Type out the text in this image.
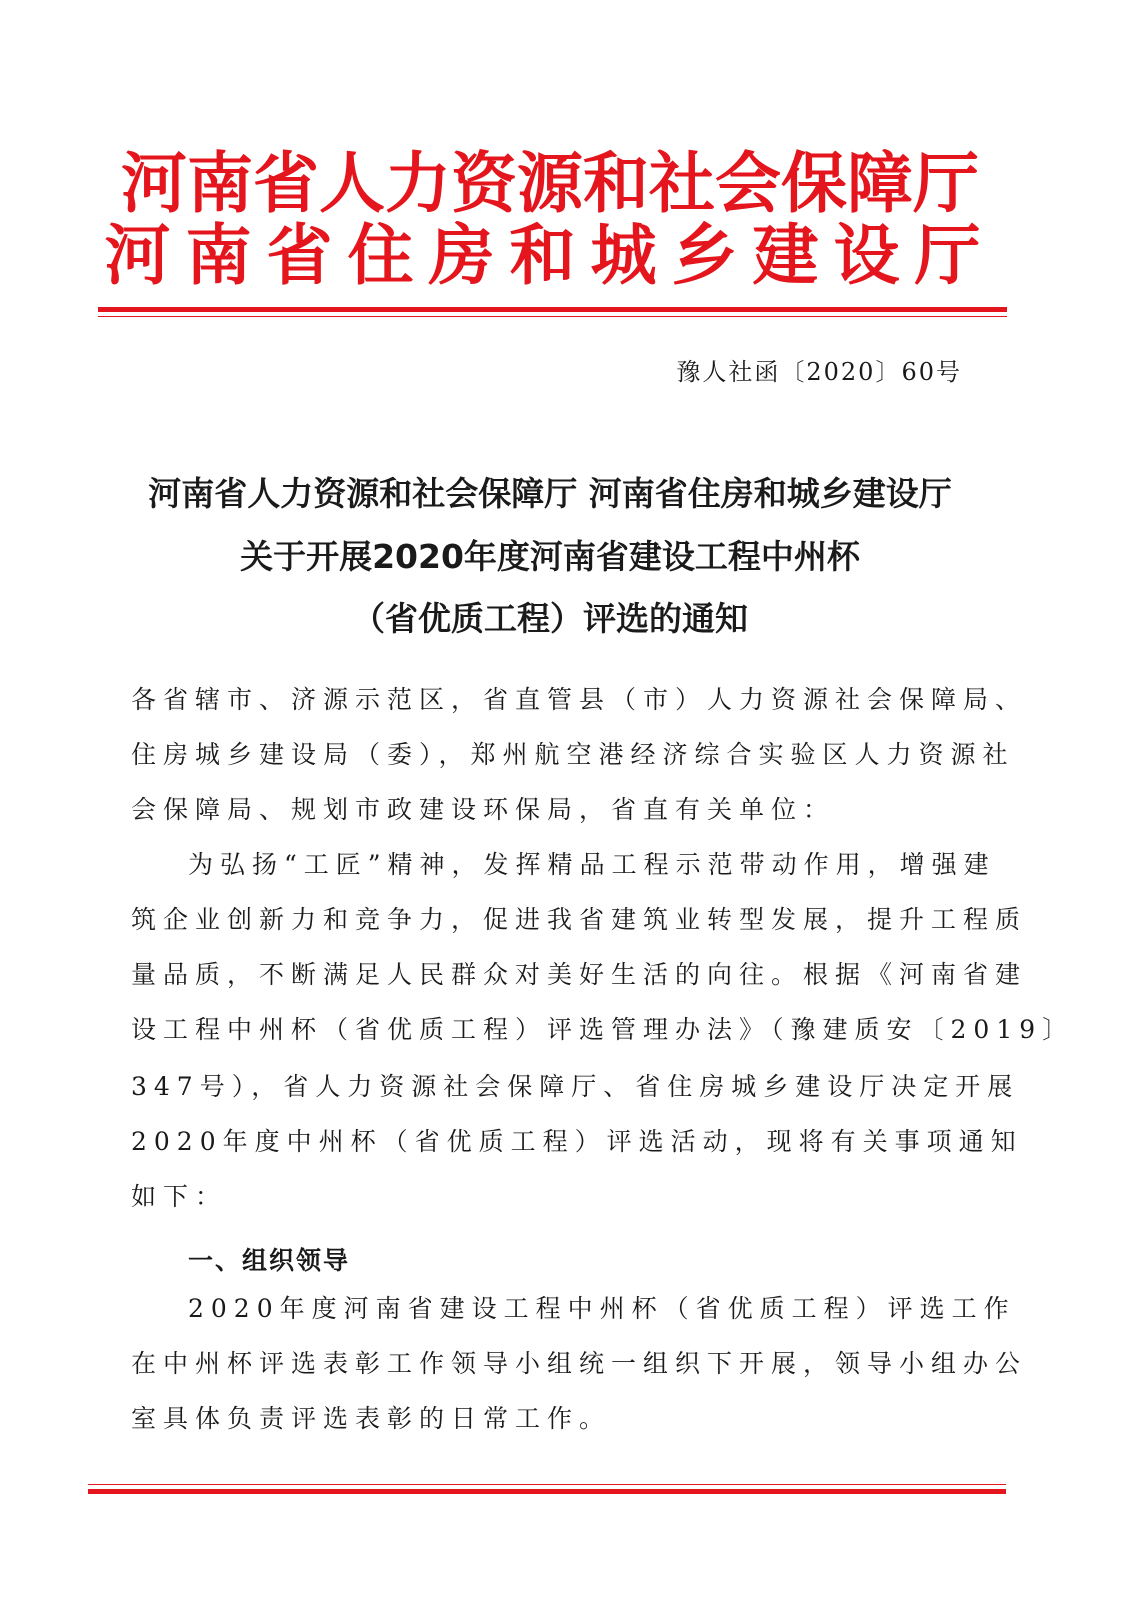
河南省人力资源和社会保障厅
河南省住房和城乡建设厅
豫人社函〔2020〕60号
河南省人力资源和社会保障厅 河南省住房和城乡建设厅
关于开展2020年度河南省建设工程中州杯
（省优质工程）评选的通知
各省辖市、济源示范区，省直管县（市）人力资源社会保障局、
住房城乡建设局（委），郑州航空港经济综合实验区人力资源社
会保障局、规划市政建设环保局，省直有关单位：
为弘扬“工匠”精神，发挥精品工程示范带动作用，增强建
筑企业创新力和竞争力，促进我省建筑业转型发展，提升工程质
量品质，不断满足人民群众对美好生活的向往。根据《河南省建
设工程中州杯（省优质工程）评选管理办法》（豫建质安〔2019〕
347号），省人力资源社会保障厅、省住房城乡建设厅决定开展
2020年度中州杯（省优质工程）评选活动，现将有关事项通知
如下：
一、组织领导
2020年度河南省建设工程中州杯（省优质工程）评选工作
在中州杯评选表彰工作领导小组统一组织下开展，领导小组办公
室具体负责评选表彰的日常工作。
